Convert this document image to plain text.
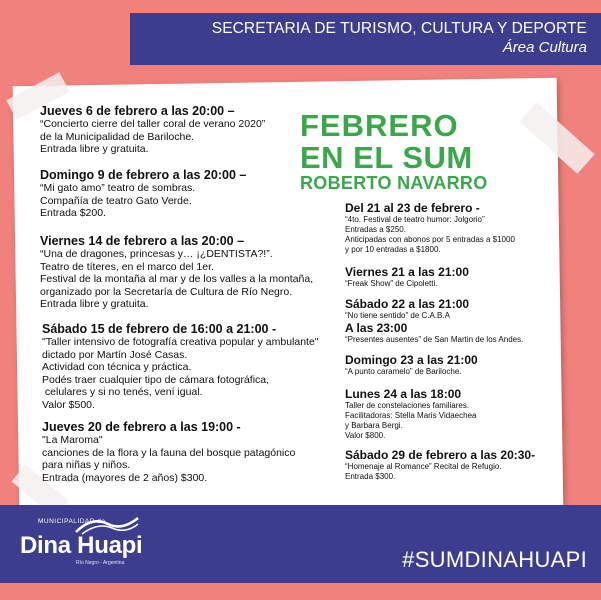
SECRETARIA DE TURISMO, CULTURA Y DEPORTE
Área Cultura
FEBRERO
EN EL SUM
ROBERTO NAVARRO
Jueves 6 de febrero a las 20:00 –
“Concierto cierre del taller coral de verano 2020”
de la Municipalidad de Bariloche.
Entrada libre y gratuita.
Domingo 9 de febrero a las 20:00 –
“Mi gato amo” teatro de sombras.
Compañía de teatro Gato Verde.
Entrada $200.
Viernes 14 de febrero a las 20:00 –
“Una de dragones, princesas y… ¡¿DENTISTA?!”.
Teatro de títeres, en el marco del 1er.
Festival de la montaña al mar y de los valles a la montaña,
organizado por la Secretaría de Cultura de Río Negro.
Entrada libre y gratuita.
Sábado 15 de febrero de 16:00 a 21:00 -
"Taller intensivo de fotografía creativa popular y ambulante"
dictado por Martín José Casas.
Actividad con técnica y práctica.
Podés traer cualquier tipo de cámara fotográfica,
celulares y si no tenés, vení igual.
Valor $500.
Jueves 20 de febrero a las 19:00 -
"La Maroma"
canciones de la flora y la fauna del bosque patagónico
para niñas y niños.
Entrada (mayores de 2 años) $300.
Del 21 al 23 de febrero -
“4to. Festival de teatro humor: Jolgorio”
Entradas a $250.
Anticipadas con abonos por 5 entradas a $1000
y por 10 entradas a $1800.
Viernes 21 a las 21:00
“Freak Show” de Cipoletti.
Sábado 22 a las 21:00
“No tiene sentido” de C.A.B.A
A las 23:00
“Presentes ausentes” de San Martin de los Andes.
Domingo 23 a las 21:00
“A punto caramelo” de Bariloche.
Lunes 24 a las 18:00
Taller de constelaciones familiares.
Facilitadoras: Stella Maris Vidaechea
y Barbara Bergi.
Valor $800.
Sábado 29 de febrero a las 20:30-
“Homenaje al Romance” Recital de Refugio.
Entrada $300.
MUNICIPALIDAD de
Dina Huapi
Río Negro - Argentina	#SUMDINAHUAPI
